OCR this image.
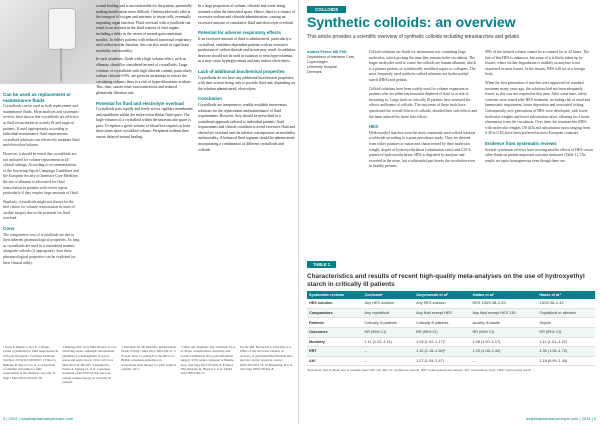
Can be used as replacement or maintenance fluids

Crystalloids can be used as both replacement and maintenance fluids. Meta-analyses and systematic reviews have shown that crystalloids are effective as fluid resuscitation in acutely ill and surgical patients. If used appropriately according to individual maintenance fluid requirements, crystalloid solutions can effectively maintain fluid and electrolyte balance.

However, it should be noted that crystalloids are not indicated for volume replacement in all clinical settings. According to recommendations of the Surviving Sepsis Campaign Guidelines and the European Society of Intensive Care Medicine, the use of albumin is advocated for fluid resuscitation in patients with severe sepsis, particularly if they require large amounts of fluid.

Similarly, crystalloids might not always be the best choice for volume resuscitation in cases of cardiac surgery due to the potential for fluid overload.

Cons

The comparative cost of crystalloids are due to their inherent pharmacological properties. As long as crystalloids are used in a considered manner, alongside colloids (if appropriate), then these pharmacological properties can be exploited for their clinical utility.

wound healing and is uncomfortable for the patient, potentially making mobilisation more difficult. Oedema adversely affects the transport of oxygen and nutrients to tissue cells, eventually impairing organ function. Fluid overload with crystalloids can result in an increase in the fluid content of vital organs, including a delay in the return of normal gastrointestinal motility. In elderly patients with reduced functional respiratory and cardiovascular function, this can also result in significant morbidity and mortality.

In such situations, fluids with a high volume effect, such as albumin, should be considered instead of crystalloids. Large volumes of crystalloids with high chloride content, particularly sodium chloride 0.9%, are given in an attempt to restore the circulating volume; there is a risk of hyperchloraemic acidosis. This, then, causes renal vasoconstriction and reduced glomerular filtration rate.

Potential for fluid and electrolyte overload

Crystalloids pass rapidly and freely across capillary membranes and equilibrate within the entire extracellular fluid space. The large volumes of a crystalloid within the intravascular space is poor. To replace a given volume of blood loss requires at least three times more crystalloid volume. Peripheral oedema then causes delayed wound healing.

In a large proportion of sodium, chloride and water being retained within the interstitial space. Hence, there is a chance of excessive sodium and chloride administration, causing an excessive amount of cumulative fluid and electrolyte overload.

Potential for adverse respiratory effects

If an excessive amount of fluid is administered, particularly a crystalloid, ventilator-dependent patients with an excessive production of carbon dioxide and lactate may result. In addition, dextrose should not be used in isolation to treat hypovolaemia, as it may cause hyperglycaemia and may induce electrolytes.

Lack of additional biochemical properties

Crystalloids do not have any additional biochemical properties, with their actions being only to provide fluid and, depending on the solution administered, electrolytes.

Conclusion

Crystalloids are inexpensive, readily available intravenous solutions for the replacement and maintenance of fluid requirements. However, they should be prescribed in a considered approach tailored to individual patients' fluid requirements and clinical condition to avoid excessive fluid and electrolyte overload and the adverse consequences on morbidity and mortality. A balanced fluid regimen should be administered incorporating a combination of different crystalloids and colloids.

1 Perel P, Roberts I, Ker K. Colloids versus crystalloids for fluid resuscitation in critically ill patients. Cochrane Database Syst Rev 2013;(2):CD000567. 2 Finfer S, Bellomo R, Boyce N et al. A comparison of albumin and saline for fluid resuscitation in the intensive care unit. N Engl J Med 2004;350:2247-56.
3 Dellinger RP, Levy MM, Rhodes A et al. Surviving sepsis campaign: international guidelines for management of severe sepsis and septic shock: 2012. Crit Care Med 2013;41:580-637. 4 Reinhart K, Perner A, Sprung CL et al. Consensus statement of the ESICM task force on colloid volume therapy in critically ill patients.
5 Myburgh JA, Mythen MG. Resuscitation fluids. N Engl J Med 2013;369:1243-51. 6 Powell-Tuck J, Gosling P, Lobo DN et al. British consensus guidelines on intravenous fluid therapy for adult surgical patients. 2011.
7 Shaw AD, Bagshaw SM, Goldstein SL et al. Major complications, mortality, and resource utilization after open abdominal surgery: 0.9% saline compared to Plasma-Lyte. Ann Surg 2012;255:821-9. 8 Yunos NM, Bellomo R, Hegarty C et al. JAMA 2012;308:1566-72.
9 Lobo DN, Bostock KA, Neal KR et al. Effect of salt and water balance on recovery of gastrointestinal function after elective colonic resection. Lancet 2002;359:1812-18. 10 Brandstrup B et al. Ann Surg 2003;238:641-8.
4 | 2014 | hospitalpharmacyeurope.com
COLLOIDS
Synthetic colloids: an overview
This article provides a scientific overview of synthetic colloids including tetrastarches and gelatin
Anders Perner MD PhD
Department of Intensive Care,
Copenhagen
University Hospital,
Denmark

Colloid solutions are fluids for intravenous use containing large molecules, which prolong the time they remain in the circulation. The larger molecules used to create the colloids are human albumin, which is a plasma protein, or synthetically modified sugars or collagens. The most frequently used synthetic colloid solutions are hydroxyethyl starch (HES) and gelatin.

Colloid solutions have been widely used for volume expansion in patients who are either intravascular depleted of fluid or at risk of becoming so. Large trials in critically ill patients have assessed the effects and harms of colloids. The outcomes of these trials have questioned the overall effects of colloids, detailed their side effects and the harm induced by these side effects.

HES

Hydroxyethyl starches were the most commonly used colloid solution worldwide according to a point prevalence study. They are derived from either potatoes or maize and characterised by their molecular weight, degree of hydroxyethylation (substitution ratio) and C2/C6 pattern of hydroxyethylation. HES is degraded by amylase and excreted in the urine, but a substantial part leaves the circulation even in healthy persons.

90% of the infused volume cannot be accounted for at 24 hours. The fate of this HES is unknown, but some of it is likely taken up by tissues, where further degradation is unlikely as amylase is not expressed in most tissues. In the tissues, HES will act as a foreign body.

When the first generation of starches were approved for standard treatment many years ago, the solutions had not been adequately tested, as this was not required at that time. After some time, safety concerns were raised after HES treatment, including risk of renal and haemostatic impairment, tissue deposition and associated itching. Consequently, new generations of HES were developed, with lower molecular weights and lower substitution ratios, allowing for a faster elimination from the circulation. Over time, the tetrastarches (HES with molecular weights 130 kDa and substitution ratios ranging from 0.38 to 0.45) have been preferred in most European countries.

Evidence from systematic reviews

Several systematic reviews have investigated the effects of HES versus other fluids on patient important outcome measures (Table 1). The results are quite homogeneous even though there are.

TABLE 1
Characteristics and results of recent high-quality meta-analyses on the use of hydroxyethyl starch in critically ill patients
Systematic reviews	Cochrane¹	Zarychanski et al²	Gattas et al³	Haase et al⁴
HES solution	Any HES solution	Any HES solution	HES 130/0.38–0.45	130/0.38–0.42
Comparators	Any crystalloid	Any fluid except HES	Any fluid except HES 130	Crystalloid or albumin
Patients	Critically ill patients	Critically ill patients	Acutely ill adults	Sepsis
Outcomes	RR (95% CI)	RR (95% CI)	RR (95% CI)	RR (95% CI)
Mortality	1.11 (1.02–1.11)	1.09 (1.02–1.17)*	1.08 (1.00–1.17)	1.11 (1.01–1.22)
RRT	–	1.32 (1.15–1.50)*	1.25 (1.08–1.44)	1.36 (1.08–1.72)
AKI	–	1.27 (1.09–1.47)	–	1.18 (0.99–1.40)
*Excluding trials by Boldt due to possible fraud. RR: risk ratio; CI: confidence interval; RRT: renal replacement therapy; AKI: acute kidney injury; HES: hydroxyethyl starch.
hospitalpharmacyeurope.com | 2014 | 5
